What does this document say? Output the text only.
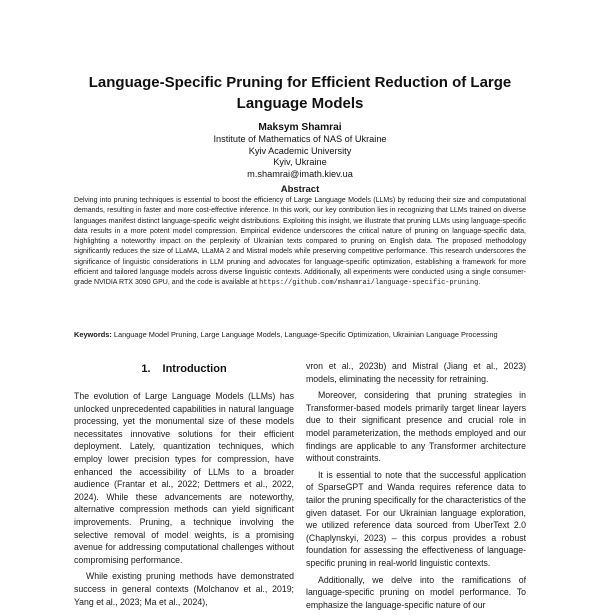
Language-Specific Pruning for Efficient Reduction of Large Language Models
Maksym Shamrai
Institute of Mathematics of NAS of Ukraine
Kyiv Academic University
Kyiv, Ukraine
m.shamrai@imath.kiev.ua
Abstract
Delving into pruning techniques is essential to boost the efficiency of Large Language Models (LLMs) by reducing their size and computational demands, resulting in faster and more cost-effective inference. In this work, our key contribution lies in recognizing that LLMs trained on diverse languages manifest distinct language-specific weight distributions. Exploiting this insight, we illustrate that pruning LLMs using language-specific data results in a more potent model compression. Empirical evidence underscores the critical nature of pruning on language-specific data, highlighting a noteworthy impact on the perplexity of Ukrainian texts compared to pruning on English data. The proposed methodology significantly reduces the size of LLaMA, LLaMA 2 and Mistral models while preserving competitive performance. This research underscores the significance of linguistic considerations in LLM pruning and advocates for language-specific optimization, establishing a framework for more efficient and tailored language models across diverse linguistic contexts. Additionally, all experiments were conducted using a single consumer-grade NVIDIA RTX 3090 GPU, and the code is available at https://github.com/mshamrai/language-specific-pruning.
Keywords: Language Model Pruning, Large Language Models, Language-Specific Optimization, Ukrainian Language Processing
1. Introduction

The evolution of Large Language Models (LLMs) has unlocked unprecedented capabilities in natural language processing, yet the monumental size of these models necessitates innovative solutions for their efficient deployment. Lately, quantization techniques, which employ lower precision types for compression, have enhanced the accessibility of LLMs to a broader audience (Frantar et al., 2022; Dettmers et al., 2022, 2024). While these advancements are noteworthy, alternative compression methods can yield significant improvements. Pruning, a technique involving the selective removal of model weights, is a promising avenue for addressing computational challenges without compromising performance.

While existing pruning methods have demonstrated success in general contexts (Molchanov et al., 2019; Yang et al., 2023; Ma et al., 2024),

vron et al., 2023b) and Mistral (Jiang et al., 2023) models, eliminating the necessity for retraining.

Moreover, considering that pruning strategies in Transformer-based models primarily target linear layers due to their significant presence and crucial role in model parameterization, the methods employed and our findings are applicable to any Transformer architecture without constraints.

It is essential to note that the successful application of SparseGPT and Wanda requires reference data to tailor the pruning specifically for the characteristics of the given dataset. For our Ukrainian language exploration, we utilized reference data sourced from UberText 2.0 (Chaplynskyi, 2023) – this corpus provides a robust foundation for assessing the effectiveness of language-specific pruning in real-world linguistic contexts.

Additionally, we delve into the ramifications of language-specific pruning on model performance. To emphasize the language-specific nature of our
